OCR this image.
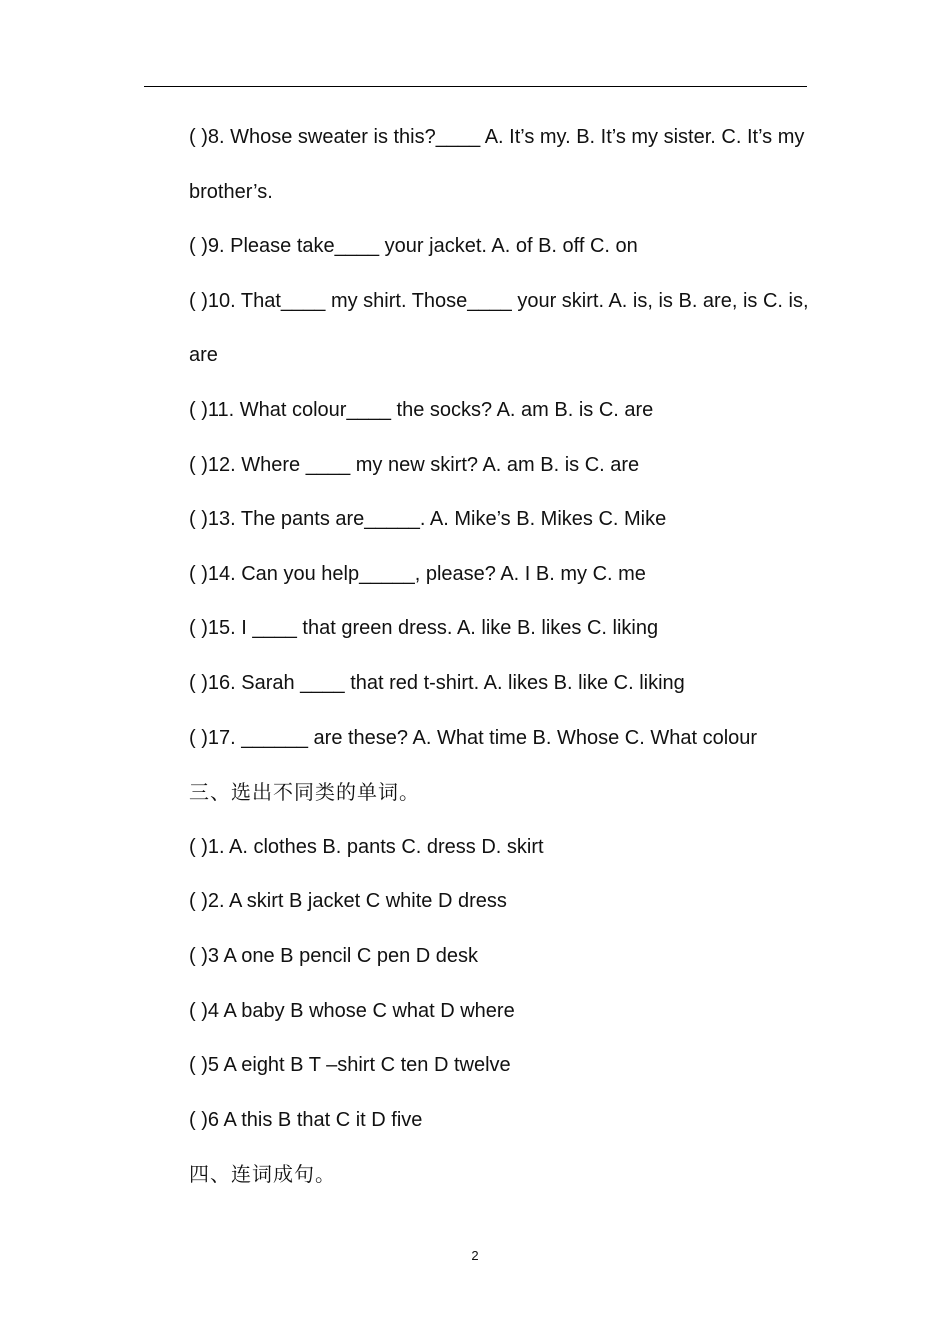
( )8. Whose sweater is this?____ A. It’s my. B. It’s my sister. C. It’s my
brother’s.
( )9. Please take____ your jacket. A. of B. off C. on
( )10. That____ my shirt. Those____ your skirt. A. is, is B. are, is C. is,
are
( )11. What colour____ the socks? A. am B. is C. are
( )12. Where ____ my new skirt? A. am B. is C. are
( )13. The pants are_____. A. Mike’s B. Mikes C. Mike
( )14. Can you help_____, please? A. I B. my C. me
( )15. I ____ that green dress. A. like B. likes C. liking
( )16. Sarah ____ that red t-shirt. A. likes B. like C. liking
( )17. ______ are these? A. What time B. Whose C. What colour
三、选出不同类的单词。
( )1. A. clothes B. pants C. dress D. skirt
( )2. A skirt B jacket C white D dress
( )3 A one B pencil C pen D desk
( )4 A baby B whose C what D where
( )5 A eight B T –shirt C ten D twelve
( )6 A this B that C it D five
四、连词成句。
2
